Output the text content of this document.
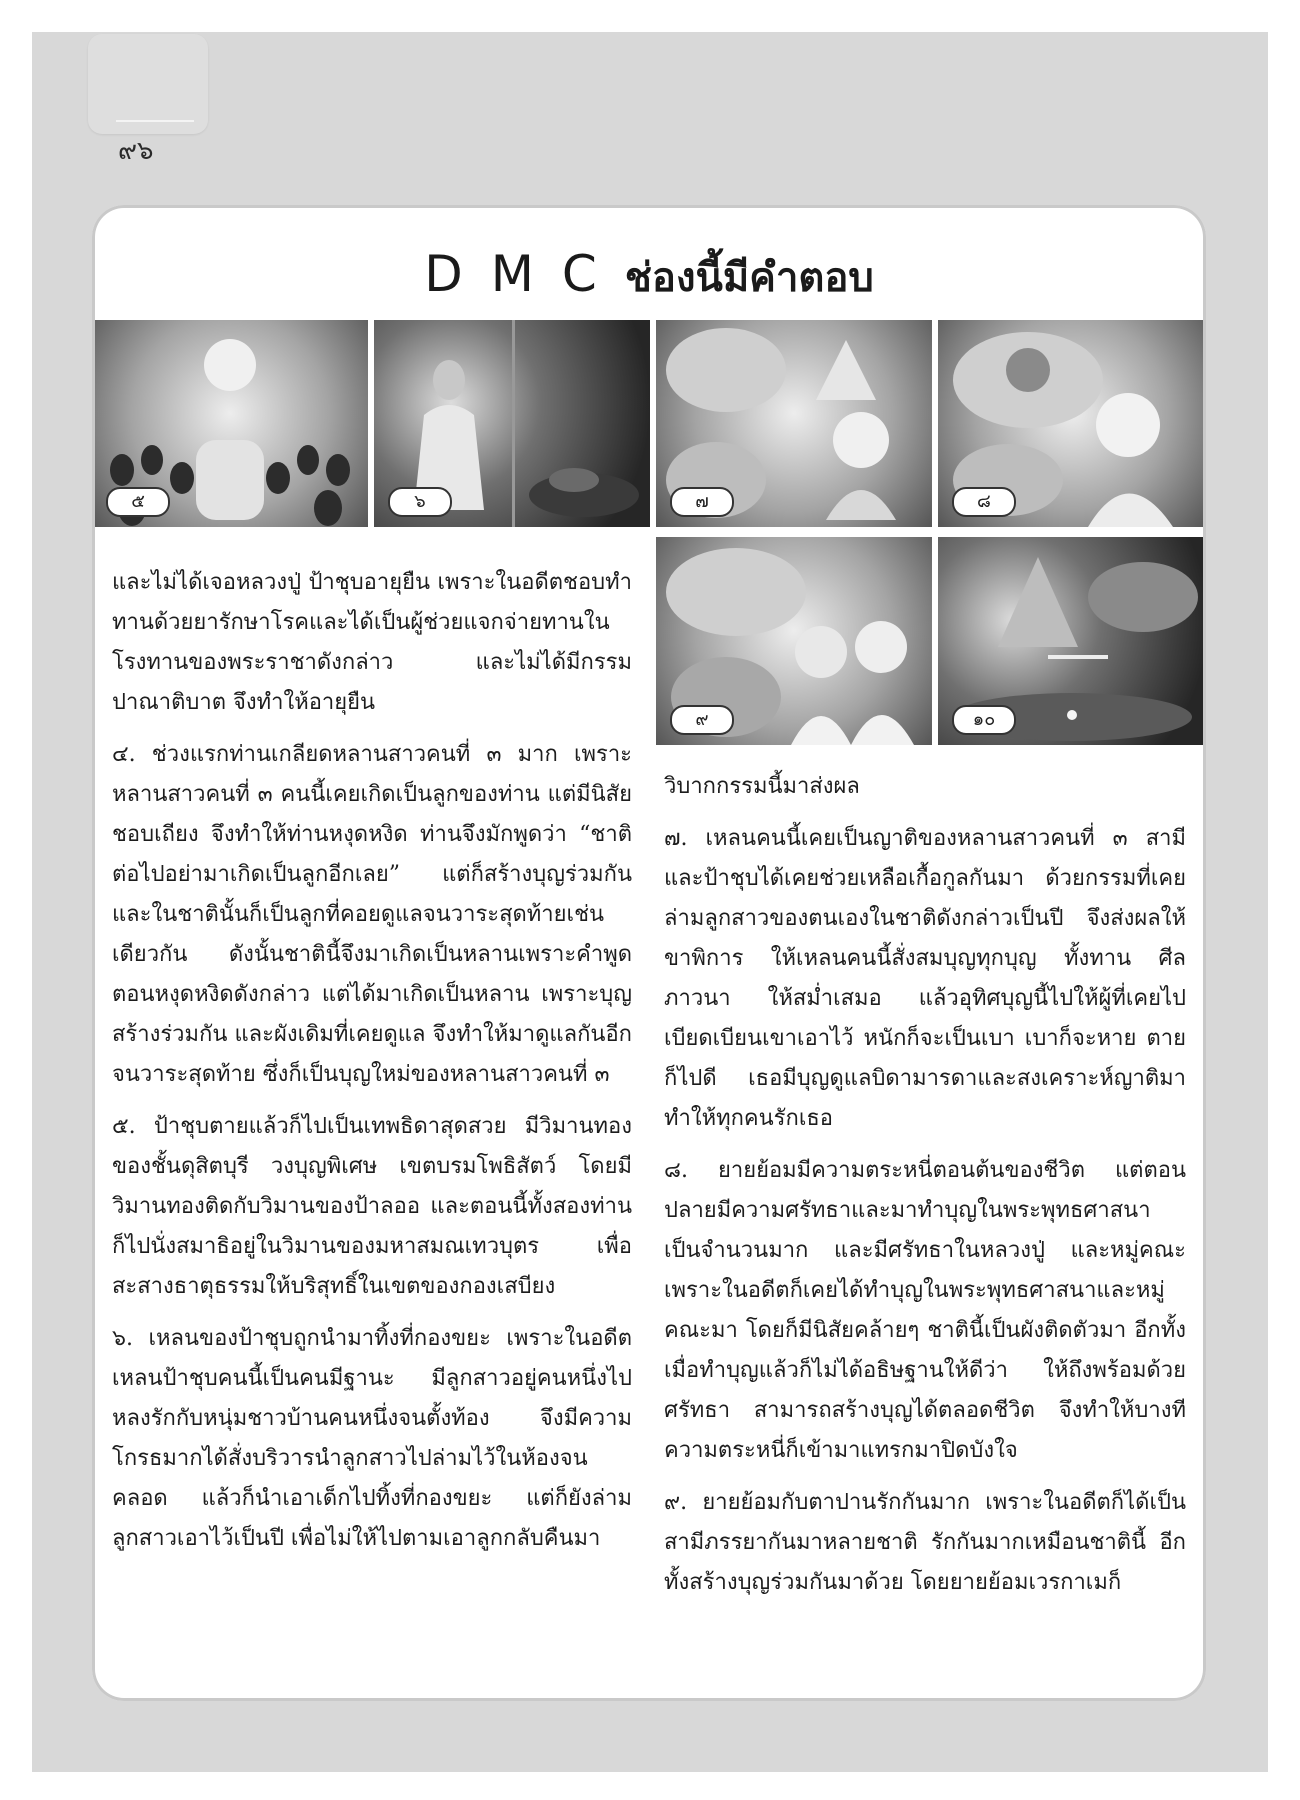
๙๖
DMCช่องนี้มีคำตอบ
๕	๖	๗	๘
๙	๑๐

และไม่ได้เจอหลวงปู่ ป้าชุบอายุยืน เพราะในอดีตชอบทำทานด้วยยารักษาโรคและได้เป็นผู้ช่วยแจกจ่ายทานในโรงทานของพระราชาดังกล่าว และไม่ได้มีกรรมปาณาติบาต จึงทำให้อายุยืน

๔. ช่วงแรกท่านเกลียดหลานสาวคนที่ ๓ มาก เพราะหลานสาวคนที่ ๓ คนนี้เคยเกิดเป็นลูกของท่าน แต่มีนิสัยชอบเถียง จึงทำให้ท่านหงุดหงิด ท่านจึงมักพูดว่า “ชาติต่อไปอย่ามาเกิดเป็นลูกอีกเลย” แต่ก็สร้างบุญร่วมกัน และในชาตินั้นก็เป็นลูกที่คอยดูแลจนวาระสุดท้ายเช่นเดียวกัน ดังนั้นชาตินี้จึงมาเกิดเป็นหลานเพราะคำพูดตอนหงุดหงิดดังกล่าว แต่ได้มาเกิดเป็นหลาน เพราะบุญสร้างร่วมกัน และผังเดิมที่เคยดูแล จึงทำให้มาดูแลกันอีกจนวาระสุดท้าย ซึ่งก็เป็นบุญใหม่ของหลานสาวคนที่ ๓

๕. ป้าชุบตายแล้วก็ไปเป็นเทพธิดาสุดสวย มีวิมานทองของชั้นดุสิตบุรี วงบุญพิเศษ เขตบรมโพธิสัตว์ โดยมีวิมานทองติดกับวิมานของป้าลออ และตอนนี้ทั้งสองท่านก็ไปนั่งสมาธิอยู่ในวิมานของมหาสมณเทวบุตร เพื่อสะสางธาตุธรรมให้บริสุทธิ์ในเขตของกองเสบียง

๖. เหลนของป้าชุบถูกนำมาทิ้งที่กองขยะ เพราะในอดีตเหลนป้าชุบคนนี้เป็นคนมีฐานะ มีลูกสาวอยู่คนหนึ่งไปหลงรักกับหนุ่มชาวบ้านคนหนึ่งจนตั้งท้อง จึงมีความโกรธมากได้สั่งบริวารนำลูกสาวไปล่ามไว้ในห้องจนคลอด แล้วก็นำเอาเด็กไปทิ้งที่กองขยะ แต่ก็ยังล่ามลูกสาวเอาไว้เป็นปี เพื่อไม่ให้ไปตามเอาลูกกลับคืนมา

วิบากกรรมนี้มาส่งผล

๗. เหลนคนนี้เคยเป็นญาติของหลานสาวคนที่ ๓ สามีและป้าชุบได้เคยช่วยเหลือเกื้อกูลกันมา ด้วยกรรมที่เคยล่ามลูกสาวของตนเองในชาติดังกล่าวเป็นปี จึงส่งผลให้ขาพิการ ให้เหลนคนนี้สั่งสมบุญทุกบุญ ทั้งทาน ศีล ภาวนา ให้สม่ำเสมอ แล้วอุทิศบุญนี้ไปให้ผู้ที่เคยไปเบียดเบียนเขาเอาไว้ หนักก็จะเป็นเบา เบาก็จะหาย ตายก็ไปดี เธอมีบุญดูแลบิดามารดาและสงเคราะห์ญาติมา ทำให้ทุกคนรักเธอ

๘. ยายย้อมมีความตระหนี่ตอนต้นของชีวิต แต่ตอนปลายมีความศรัทธาและมาทำบุญในพระพุทธศาสนาเป็นจำนวนมาก และมีศรัทธาในหลวงปู่ และหมู่คณะ เพราะในอดีตก็เคยได้ทำบุญในพระพุทธศาสนาและหมู่คณะมา โดยก็มีนิสัยคล้ายๆ ชาตินี้เป็นผังติดตัวมา อีกทั้งเมื่อทำบุญแล้วก็ไม่ได้อธิษฐานให้ดีว่า ให้ถึงพร้อมด้วยศรัทธา สามารถสร้างบุญได้ตลอดชีวิต จึงทำให้บางทีความตระหนี่ก็เข้ามาแทรกมาปิดบังใจ

๙. ยายย้อมกับตาปานรักกันมาก เพราะในอดีตก็ได้เป็นสามีภรรยากันมาหลายชาติ รักกันมากเหมือนชาตินี้ อีกทั้งสร้างบุญร่วมกันมาด้วย โดยยายย้อมเวรกาเมก็
